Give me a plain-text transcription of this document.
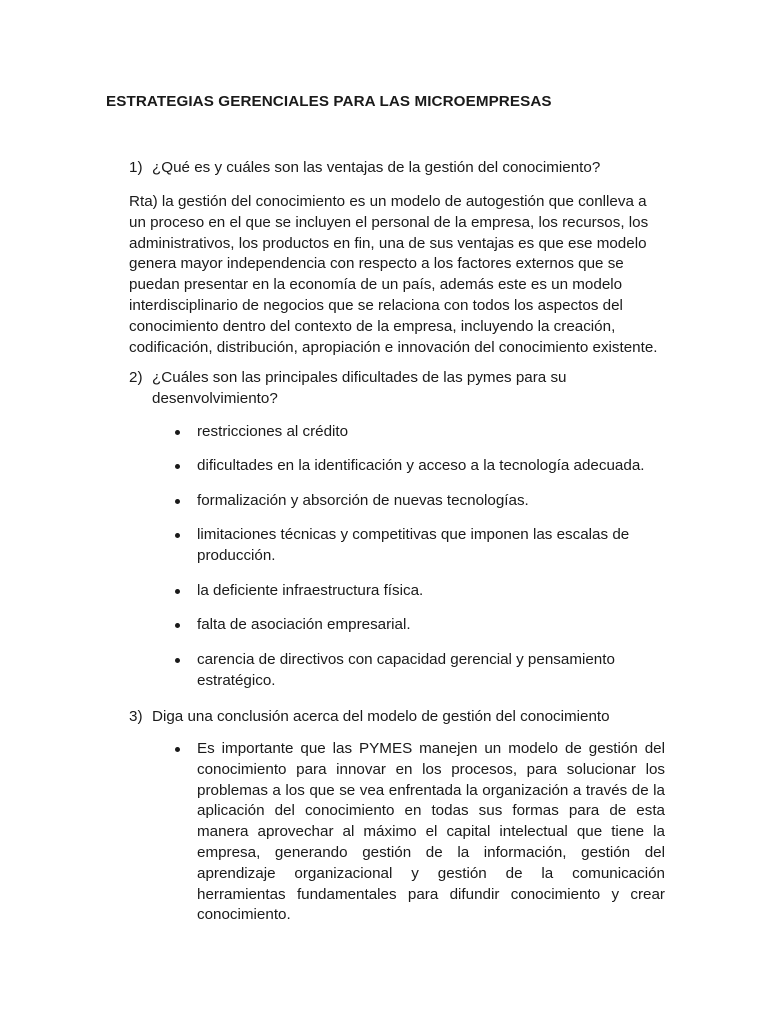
ESTRATEGIAS GERENCIALES PARA LAS MICROEMPRESAS
1) ¿Qué es y cuáles son las ventajas de la gestión del conocimiento?
Rta) la gestión del conocimiento es un modelo de autogestión que conlleva a un proceso en el que se incluyen el personal de la empresa, los recursos, los administrativos, los productos en fin, una de sus ventajas es que ese modelo genera mayor independencia con respecto a los factores externos que se puedan presentar en la economía de un país, además este es un modelo interdisciplinario de negocios que se relaciona con todos los aspectos del conocimiento dentro del contexto de la empresa, incluyendo la creación, codificación, distribución, apropiación e innovación del conocimiento existente.
2) ¿Cuáles son las principales dificultades de las pymes para su desenvolvimiento?
restricciones al crédito
dificultades en la identificación y acceso a la tecnología adecuada.
formalización y absorción de nuevas tecnologías.
limitaciones técnicas y competitivas que imponen las escalas de producción.
la deficiente infraestructura física.
falta de asociación empresarial.
carencia de directivos con capacidad gerencial y pensamiento estratégico.
3) Diga una conclusión acerca del modelo de gestión del conocimiento
Es importante que las PYMES manejen un modelo de gestión del conocimiento para innovar en los procesos, para solucionar los problemas a los que se vea enfrentada la organización a través de la aplicación del conocimiento en todas sus formas para de esta manera aprovechar al máximo el capital intelectual que tiene la empresa, generando gestión de la información, gestión del aprendizaje organizacional y gestión de la comunicación herramientas fundamentales para difundir conocimiento y crear conocimiento.
